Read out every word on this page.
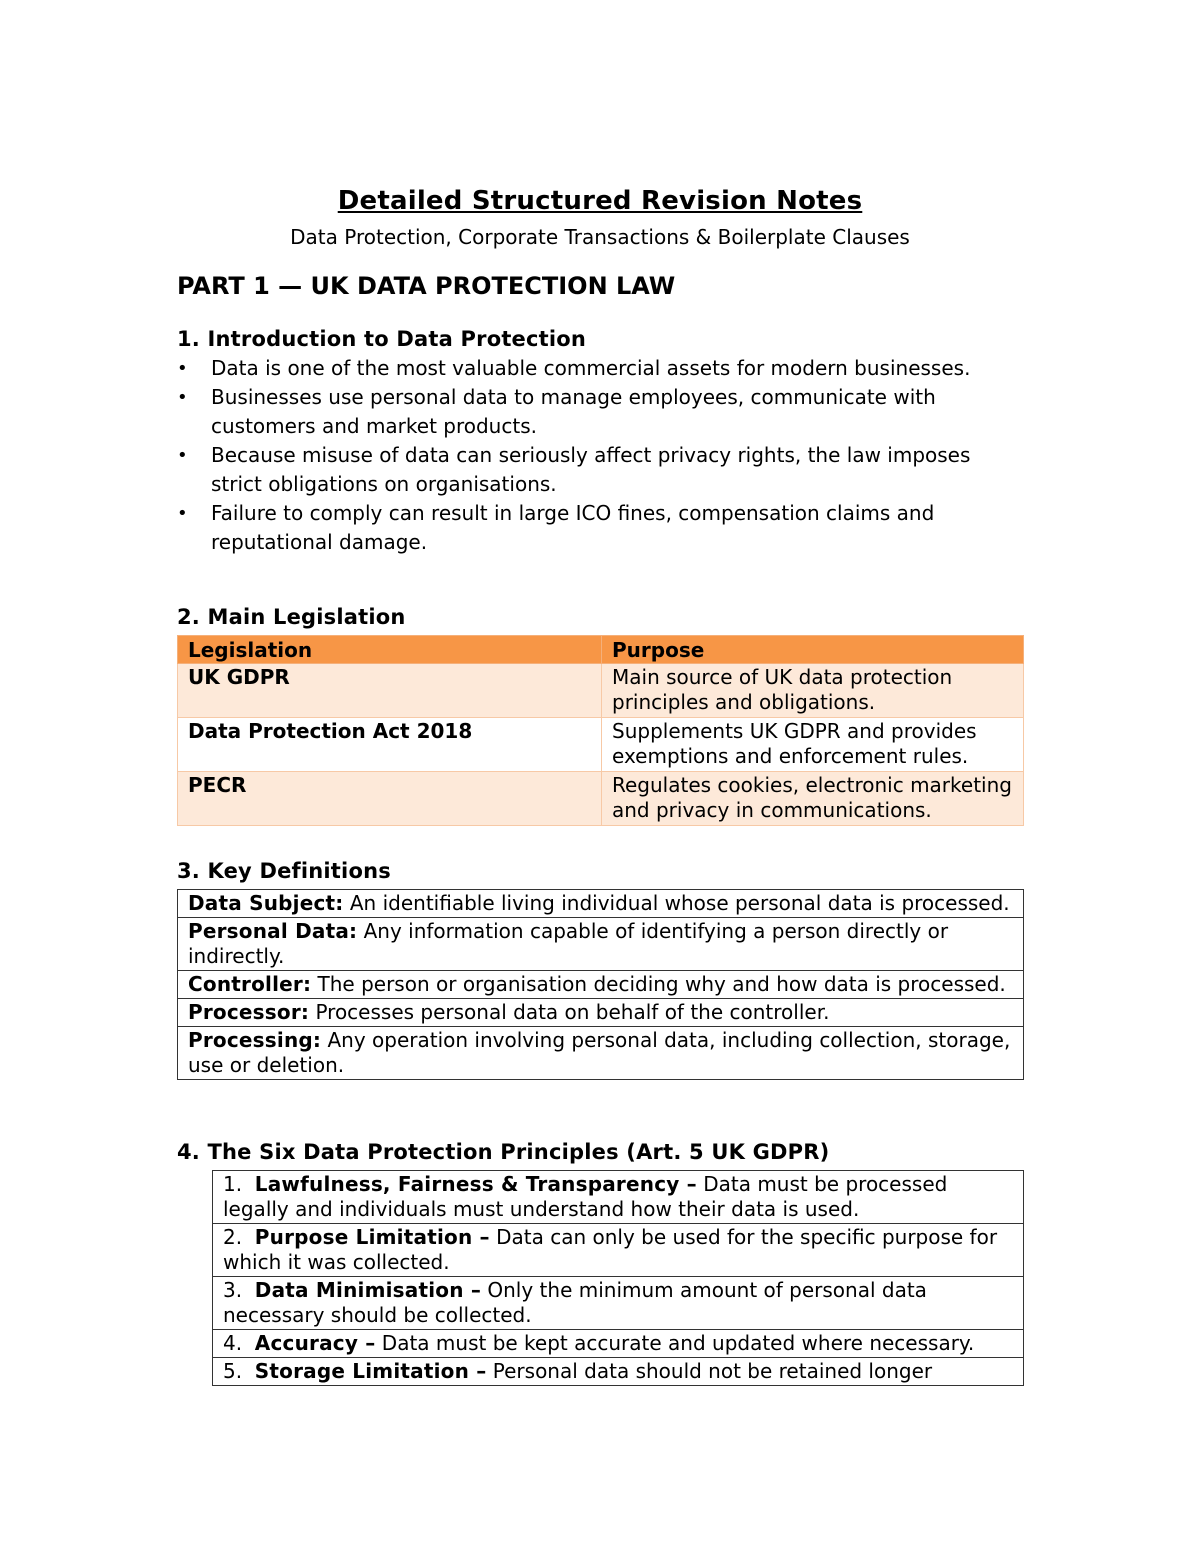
Detailed Structured Revision Notes
Data Protection, Corporate Transactions & Boilerplate Clauses
PART 1 — UK DATA PROTECTION LAW
1. Introduction to Data Protection
• Data is one of the most valuable commercial assets for modern businesses.
• Businesses use personal data to manage employees, communicate with customers and market products.
• Because misuse of data can seriously affect privacy rights, the law imposes strict obligations on organisations.
• Failure to comply can result in large ICO fines, compensation claims and reputational damage.
2. Main Legislation
Legislation	Purpose
UK GDPR	Main source of UK data protection principles and obligations.
Data Protection Act 2018	Supplements UK GDPR and provides exemptions and enforcement rules.
PECR	Regulates cookies, electronic marketing and privacy in communications.
3. Key Definitions
Data Subject: An identifiable living individual whose personal data is processed.
Personal Data: Any information capable of identifying a person directly or indirectly.
Controller: The person or organisation deciding why and how data is processed.
Processor: Processes personal data on behalf of the controller.
Processing: Any operation involving personal data, including collection, storage, use or deletion.
4. The Six Data Protection Principles (Art. 5 UK GDPR)
1.  Lawfulness, Fairness & Transparency – Data must be processed legally and individuals must understand how their data is used.
2.  Purpose Limitation – Data can only be used for the specific purpose for which it was collected.
3.  Data Minimisation – Only the minimum amount of personal data necessary should be collected.
4.  Accuracy – Data must be kept accurate and updated where necessary.
5.  Storage Limitation – Personal data should not be retained longer
